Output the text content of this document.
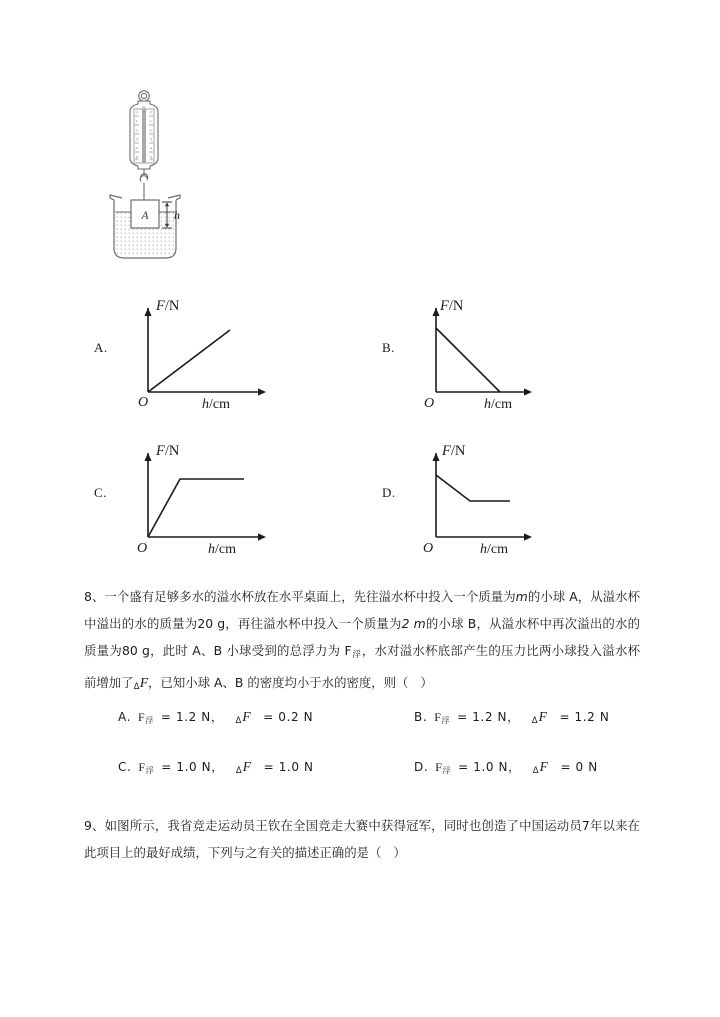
0	0
1	1
2	2
3	3
4	4
5	5
N
A h
A.
F/N
O	h/cm
B.
F/N
O	h/cm
C.
F/N
O	h/cm
D.
F/N
O	h/cm
8、一个盛有足够多水的溢水杯放在水平桌面上，先往溢水杯中投入一个质量为m的小球 A，从溢水杯中溢出的水的质量为20 g，再往溢水杯中投入一个质量为2 m的小球 B，从溢水杯中再次溢出的水的质量为80 g，此时 A、B 小球受到的总浮力为 $F_浮$，水对溢水杯底部产生的压力比两小球投入溢水杯前增加了ΔF，已知小球 A、B 的密度均小于水的密度，则（ ）
A. F浮 = 1.2 N， ΔF = 0.2 N	B. F浮 = 1.2 N， ΔF = 1.2 N
C. F浮 = 1.0 N， ΔF = 1.0 N	D. F浮 = 1.0 N， ΔF = 0 N
9、如图所示，我省竞走运动员王钦在全国竞走大赛中获得冠军，同时也创造了中国运动员7年以来在此项目上的最好成绩，下列与之有关的描述正确的是（ ）
